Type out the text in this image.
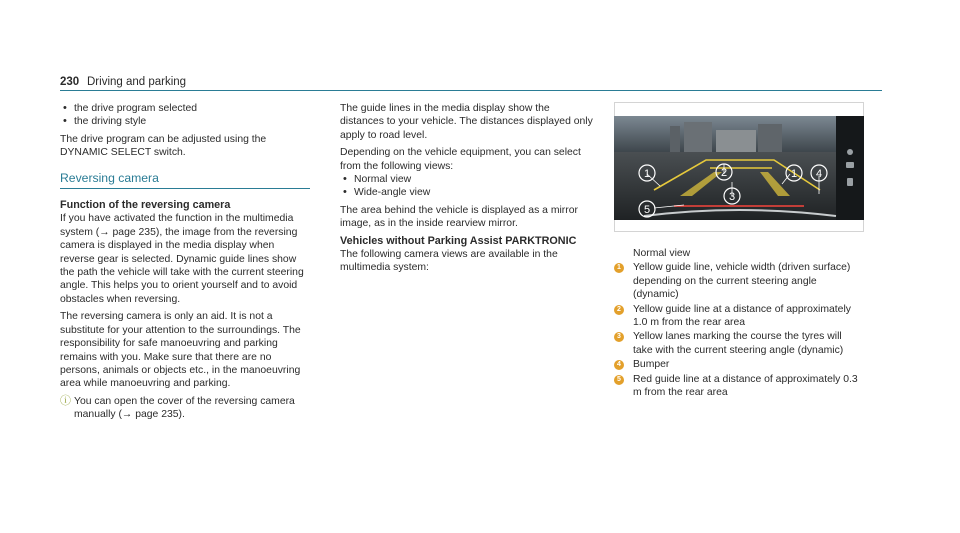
230 Driving and parking
• the drive program selected
• the driving style

The drive program can be adjusted using the DYNAMIC SELECT switch.

Reversing camera
Function of the reversing camera

If you have activated the function in the multimedia system (→ page 235), the image from the reversing camera is displayed in the media display when reverse gear is selected. Dynamic guide lines show the path the vehicle will take with the current steering angle. This helps you to orient yourself and to avoid obstacles when reversing.

The reversing camera is only an aid. It is not a substitute for your attention to the surroundings. The responsibility for safe manoeuvring and parking remains with you. Make sure that there are no persons, animals or objects etc., in the manoeuvring area while manoeuvring and parking.

ⓘ You can open the cover of the reversing camera manually (→ page 235).

The guide lines in the media display show the distances to your vehicle. The distances displayed only apply to road level.

Depending on the vehicle equipment, you can select from the following views:

• Normal view
• Wide-angle view

The area behind the vehicle is displayed as a mirror image, as in the inside rearview mirror.

Vehicles without Parking Assist PARKTRONIC

The following camera views are available in the multimedia system:

1	2	1 4
3
5
Normal view
1 Yellow guide line, vehicle width (driven surface) depending on the current steering angle (dynamic)
2 Yellow guide line at a distance of approximately 1.0 m from the rear area
3 Yellow lanes marking the course the tyres will take with the current steering angle (dynamic)
4 Bumper
5 Red guide line at a distance of approximately 0.3 m from the rear area
